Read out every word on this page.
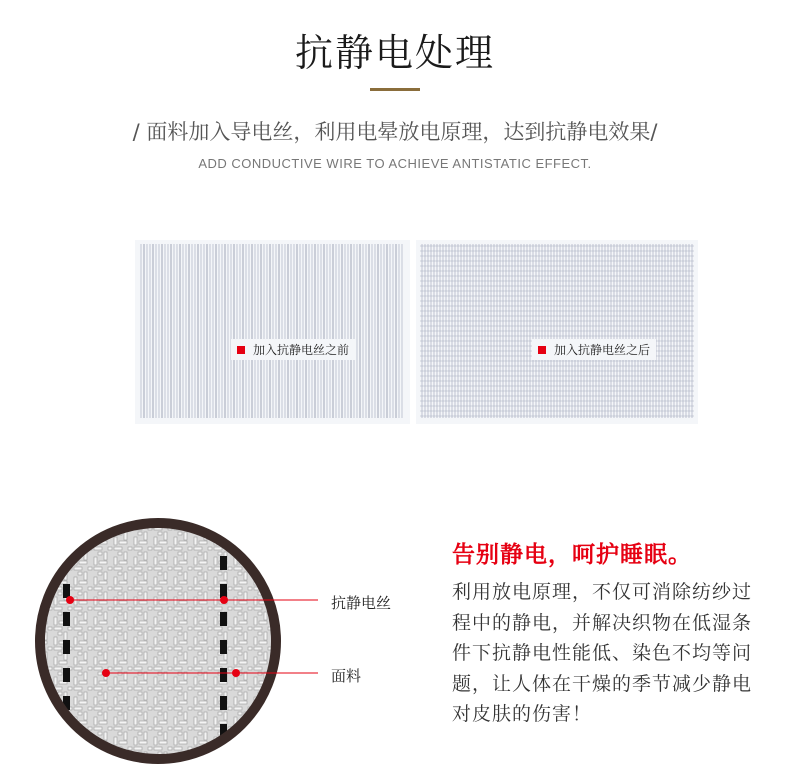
抗静电处理
/ 面料加入导电丝，利用电晕放电原理，达到抗静电效果/
ADD CONDUCTIVE WIRE TO ACHIEVE ANTISTATIC EFFECT.
加入抗静电丝之前	加入抗静电丝之后
抗静电丝
面料
告别静电，呵护睡眠。
利用放电原理，不仅可消除纺纱过程中的静电，并解决织物在低湿条件下抗静电性能低、染色不均等问题，让人体在干燥的季节减少静电对皮肤的伤害！
